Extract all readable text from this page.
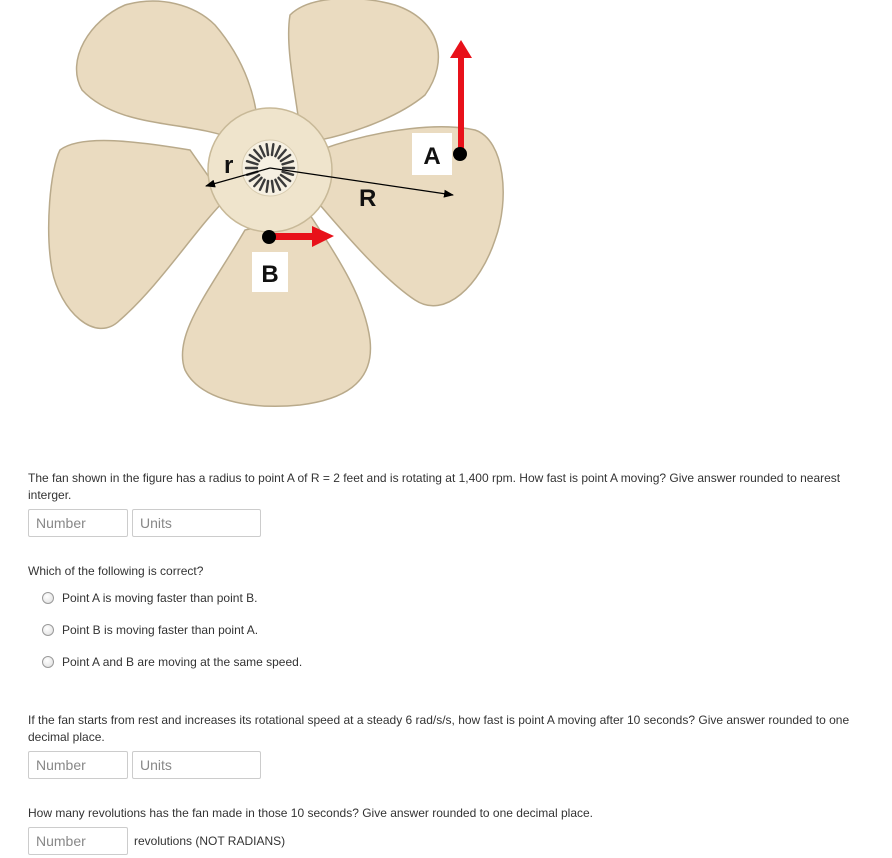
r
R
A
B
The fan shown in the figure has a radius to point A of R = 2 feet and is rotating at 1,400 rpm. How fast is point A moving? Give answer rounded to nearest interger.
Number
Units
Which of the following is correct?
Point A is moving faster than point B.
Point B is moving faster than point A.
Point A and B are moving at the same speed.
If the fan starts from rest and increases its rotational speed at a steady 6 rad/s/s, how fast is point A moving after 10 seconds? Give answer rounded to one decimal place.
Number
Units
How many revolutions has the fan made in those 10 seconds? Give answer rounded to one decimal place.
Number
revolutions (NOT RADIANS)
